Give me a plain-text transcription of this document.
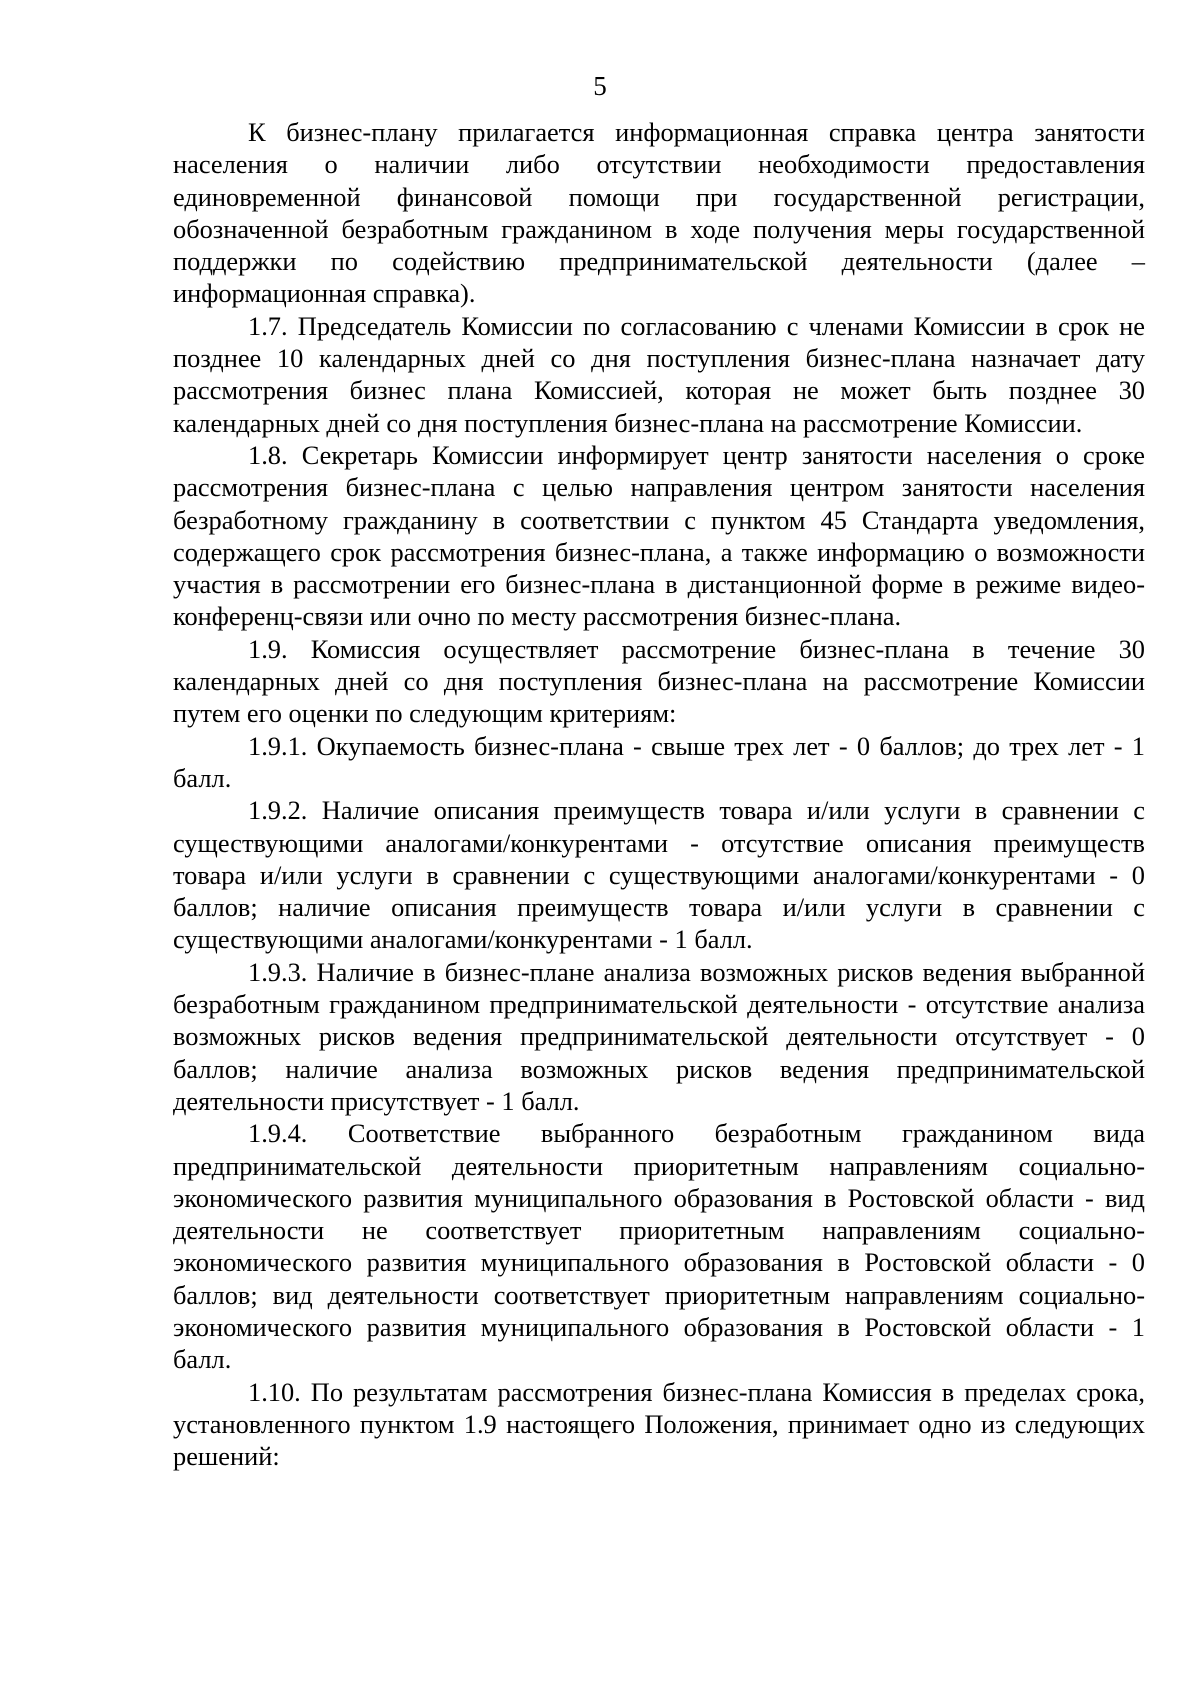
5

К бизнес-плану прилагается информационная справка центра занятости населения о наличии либо отсутствии необходимости предоставления единовременной финансовой помощи при государственной регистрации, обозначенной безработным гражданином в ходе получения меры государственной поддержки по содействию предпринимательской деятельности (далее – информационная справка).

1.7. Председатель Комиссии по согласованию с членами Комиссии в срок не позднее 10 календарных дней со дня поступления бизнес-плана назначает дату рассмотрения бизнес плана Комиссией, которая не может быть позднее 30 календарных дней со дня поступления бизнес-плана на рассмотрение Комиссии.

1.8. Секретарь Комиссии информирует центр занятости населения о сроке рассмотрения бизнес-плана с целью направления центром занятости населения безработному гражданину в соответствии с пунктом 45 Стандарта уведомления, содержащего срок рассмотрения бизнес-плана, а также информацию о возможности участия в рассмотрении его бизнес-плана в дистанционной форме в режиме видео-конференц-связи или очно по месту рассмотрения бизнес-плана.

1.9. Комиссия осуществляет рассмотрение бизнес-плана в течение 30 календарных дней со дня поступления бизнес-плана на рассмотрение Комиссии путем его оценки по следующим критериям:

1.9.1. Окупаемость бизнес-плана - свыше трех лет - 0 баллов; до трех лет - 1 балл.

1.9.2. Наличие описания преимуществ товара и/или услуги в сравнении с существующими аналогами/конкурентами - отсутствие описания преимуществ товара и/или услуги в сравнении с существующими аналогами/конкурентами - 0 баллов; наличие описания преимуществ товара и/или услуги в сравнении с существующими аналогами/конкурентами - 1 балл.

1.9.3. Наличие в бизнес-плане анализа возможных рисков ведения выбранной безработным гражданином предпринимательской деятельности - отсутствие анализа возможных рисков ведения предпринимательской деятельности отсутствует - 0 баллов; наличие анализа возможных рисков ведения предпринимательской деятельности присутствует - 1 балл.

1.9.4. Соответствие выбранного безработным гражданином вида предпринимательской деятельности приоритетным направлениям социально-экономического развития муниципального образования в Ростовской области - вид деятельности не соответствует приоритетным направлениям социально-экономического развития муниципального образования в Ростовской области - 0 баллов; вид деятельности соответствует приоритетным направлениям социально-экономического развития муниципального образования в Ростовской области - 1 балл.

1.10. По результатам рассмотрения бизнес-плана Комиссия в пределах срока, установленного пунктом 1.9 настоящего Положения, принимает одно из следующих решений:
